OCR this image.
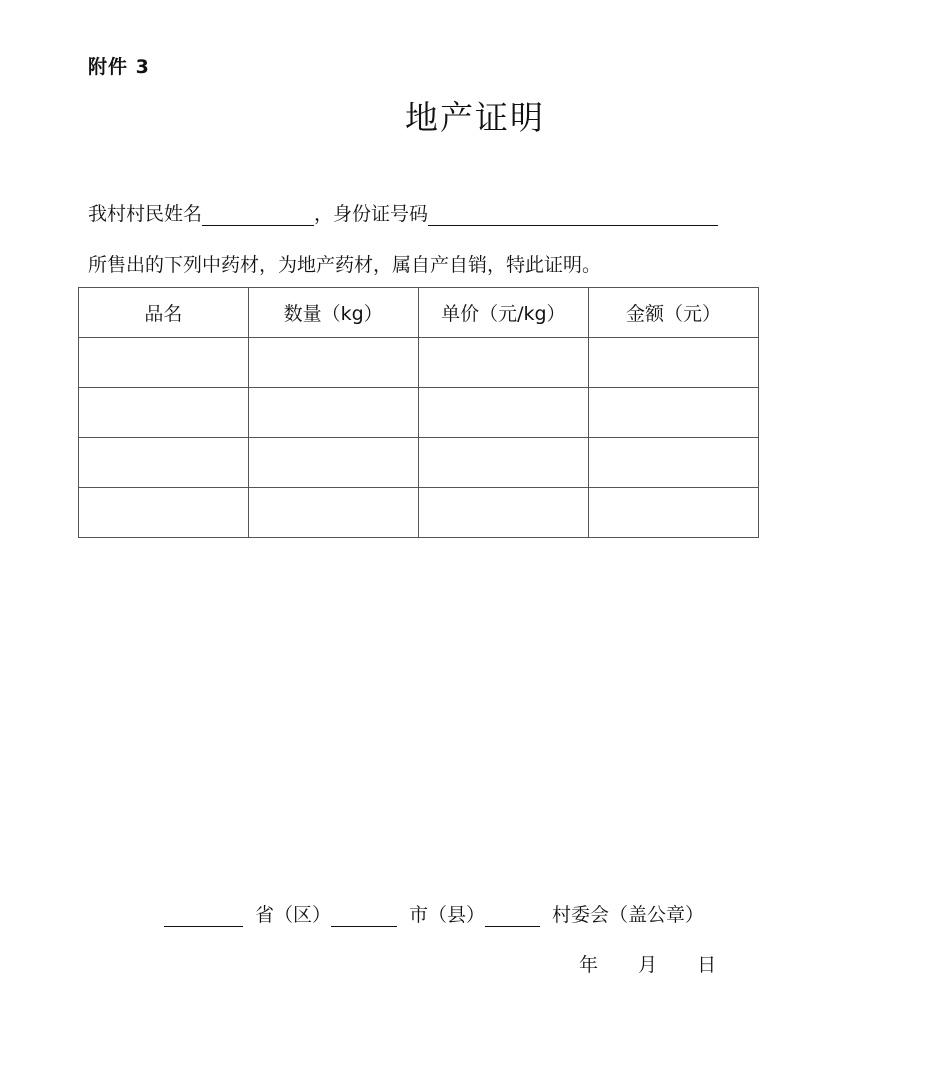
附件 3
地产证明
我村村民姓名	，身份证号码
所售出的下列中药材，为地产药材，属自产自销，特此证明。
品名	数量（kg）	单价（元/kg）	金额（元）

省（区）	市（县）	村委会（盖公章）
年 月 日
